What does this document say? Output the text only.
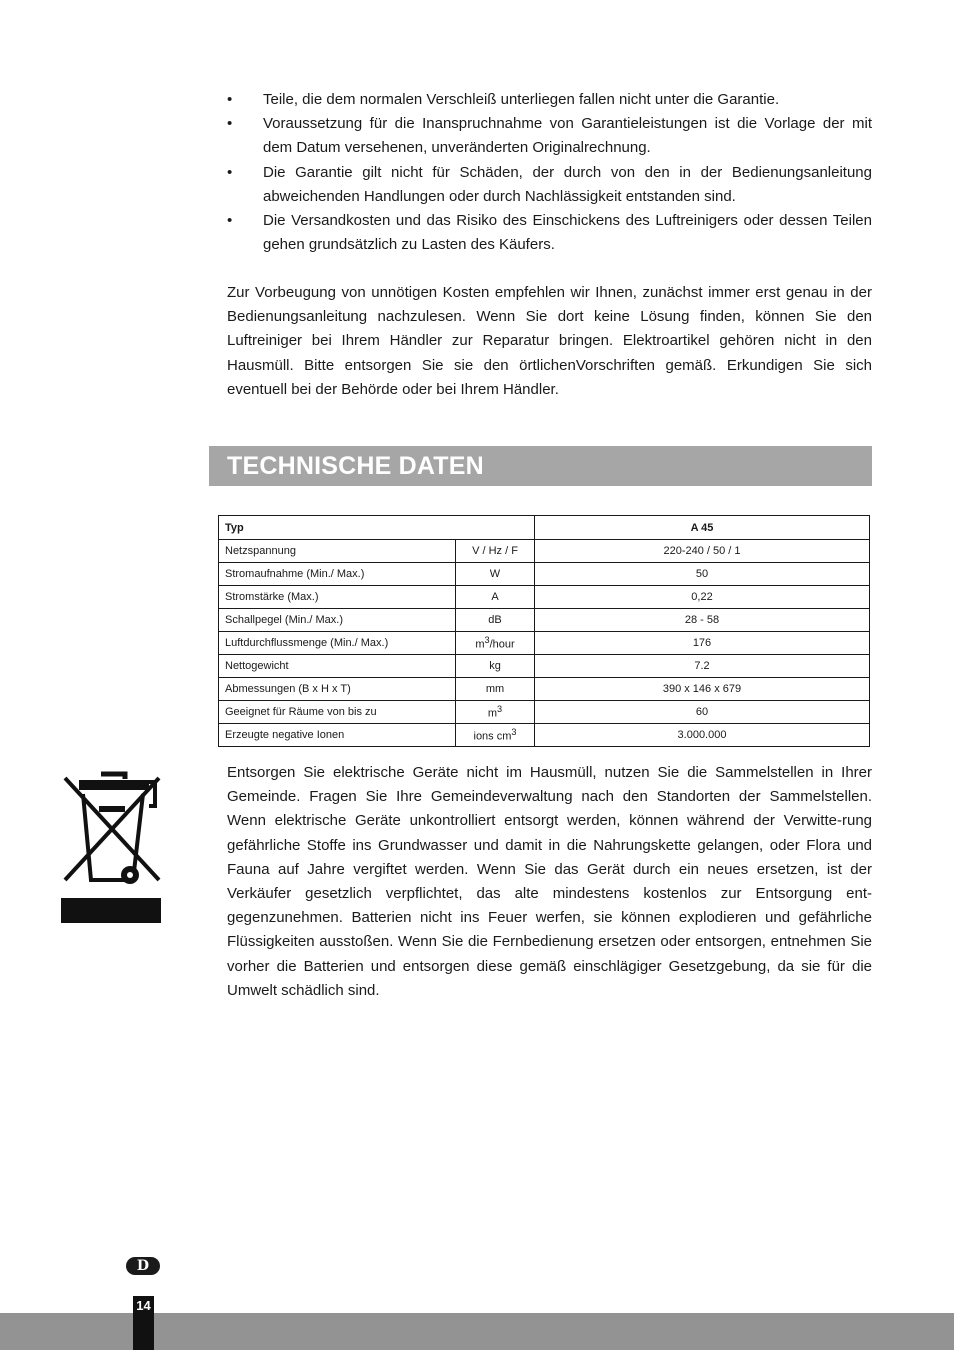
• Teile, die dem normalen Verschleiß unterliegen fallen nicht unter die Garantie.
• Voraussetzung für die Inanspruchnahme von Garantieleistungen ist die Vorlage der mit dem Datum versehenen, unveränderten Originalrechnung.
• Die Garantie gilt nicht für Schäden, der durch von den in der Bedienungsanleitung abweichenden Handlungen oder durch Nachlässigkeit entstanden sind.
• Die Versandkosten und das Risiko des Einschickens des Luftreinigers oder dessen Teilen gehen grundsätzlich zu Lasten des Käufers.

Zur Vorbeugung von unnötigen Kosten empfehlen wir Ihnen, zunächst immer erst genau in der Bedienungsanleitung nachzulesen. Wenn Sie dort keine Lösung finden, können Sie den Luftreiniger bei Ihrem Händler zur Reparatur bringen. Elektroartikel gehören nicht in den Hausmüll. Bitte entsorgen Sie sie den örtlichenVorschriften gemäß. Erkundigen Sie sich eventuell bei der Behörde oder bei Ihrem Händler.

TECHNISCHE DATEN
Typ		A 45
Netzspannung	V / Hz / F	220-240 / 50 / 1
Stromaufnahme (Min./ Max.)	W	50
Stromstärke (Max.)	A	0,22
Schallpegel (Min./ Max.)	dB	28 - 58
Luftdurchflussmenge (Min./ Max.)	$m^3$/hour	176
Nettogewicht	kg	7.2
Abmessungen (B x H x T)	mm	390 x 146 x 679
Geeignet für Räume von bis zu	$m^3$	60
Erzeugte negative Ionen	ions $cm^3$	3.000.000

Entsorgen Sie elektrische Geräte nicht im Hausmüll, nutzen Sie die Sammelstellen in Ihrer Gemeinde. Fragen Sie Ihre Gemeindeverwaltung nach den Standorten der Sammelstellen. Wenn elektrische Geräte unkontrolliert entsorgt werden, können während der Verwitte-rung gefährliche Stoffe ins Grundwasser und damit in die Nahrungskette gelangen, oder Flora und Fauna auf Jahre vergiftet werden. Wenn Sie das Gerät durch ein neues ersetzen, ist der Verkäufer gesetzlich verpflichtet, das alte mindestens kostenlos zur Entsorgung ent-gegenzunehmen. Batterien nicht ins Feuer werfen, sie können explodieren und gefährliche Flüssigkeiten ausstoßen. Wenn Sie die Fernbedienung ersetzen oder entsorgen, entnehmen Sie vorher die Batterien und entsorgen diese gemäß einschlägiger Gesetzgebung, da sie für die Umwelt schädlich sind.

D
14
